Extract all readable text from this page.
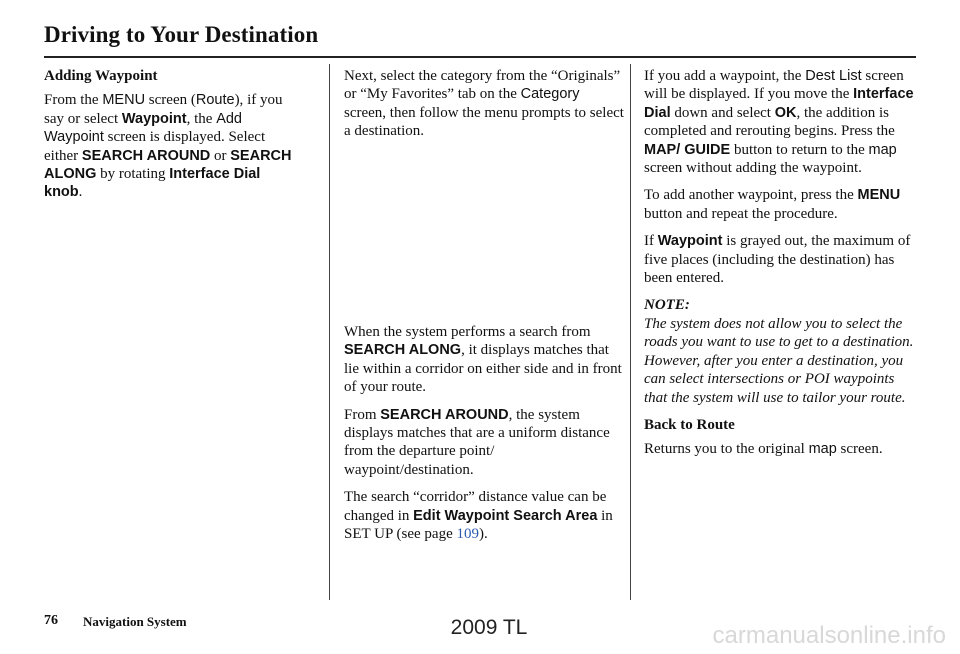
Driving to Your Destination

Adding Waypoint

From the MENU screen (Route), if you say or select Waypoint, the Add Waypoint screen is displayed. Select either SEARCH AROUND or SEARCH ALONG by rotating Interface Dial knob.

Next, select the category from the “Originals” or “My Favorites” tab on the Category screen, then follow the menu prompts to select a destination.

When the system performs a search from SEARCH ALONG, it displays matches that lie within a corridor on either side and in front of your route.

From SEARCH AROUND, the system displays matches that are a uniform distance from the departure point/ waypoint/destination.

The search “corridor” distance value can be changed in Edit Waypoint Search Area in SET UP (see page 109).

If you add a waypoint, the Dest List screen will be displayed. If you move the Interface Dial down and select OK, the addition is completed and rerouting begins. Press the MAP/ GUIDE button to return to the map screen without adding the waypoint.

To add another waypoint, press the MENU button and repeat the procedure.

If Waypoint is grayed out, the maximum of five places (including the destination) has been entered.

NOTE:

The system does not allow you to select the roads you want to use to get to a destination. However, after you enter a destination, you can select intersections or POI waypoints that the system will use to tailor your route.

Back to Route

Returns you to the original map screen.

76 Navigation System	2009 TL	carmanualsonline.info
